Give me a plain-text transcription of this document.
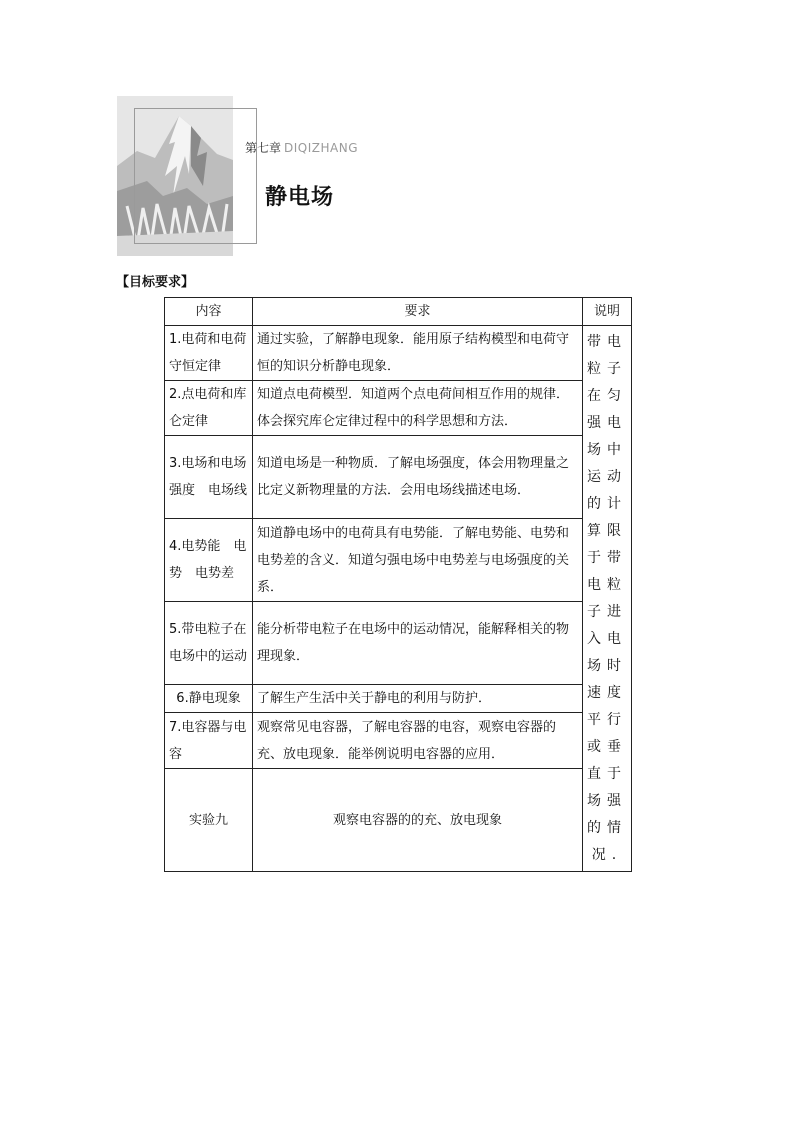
第七章 DIQIZHANG
静电场
【目标要求】
内容	要求	说明
1.电荷和电荷守恒定律	通过实验，了解静电现象．能用原子结构模型和电荷守恒的知识分析静电现象．	带电粒子在匀强电场中运动的计算限于带电粒子进入电场时速度平行或垂直于场强的情况.
2.点电荷和库仑定律	知道点电荷模型．知道两个点电荷间相互作用的规律．体会探究库仑定律过程中的科学思想和方法．	
3.电场和电场强度　电场线	知道电场是一种物质．了解电场强度，体会用物理量之比定义新物理量的方法．会用电场线描述电场．	
4.电势能　电势　电势差	知道静电场中的电荷具有电势能．了解电势能、电势和电势差的含义．知道匀强电场中电势差与电场强度的关系．	
5.带电粒子在电场中的运动	能分析带电粒子在电场中的运动情况，能解释相关的物理现象．	
6.静电现象	了解生产生活中关于静电的利用与防护．	
7.电容器与电容	观察常见电容器，了解电容器的电容，观察电容器的充、放电现象．能举例说明电容器的应用．	
实验九	观察电容器的的充、放电现象	
